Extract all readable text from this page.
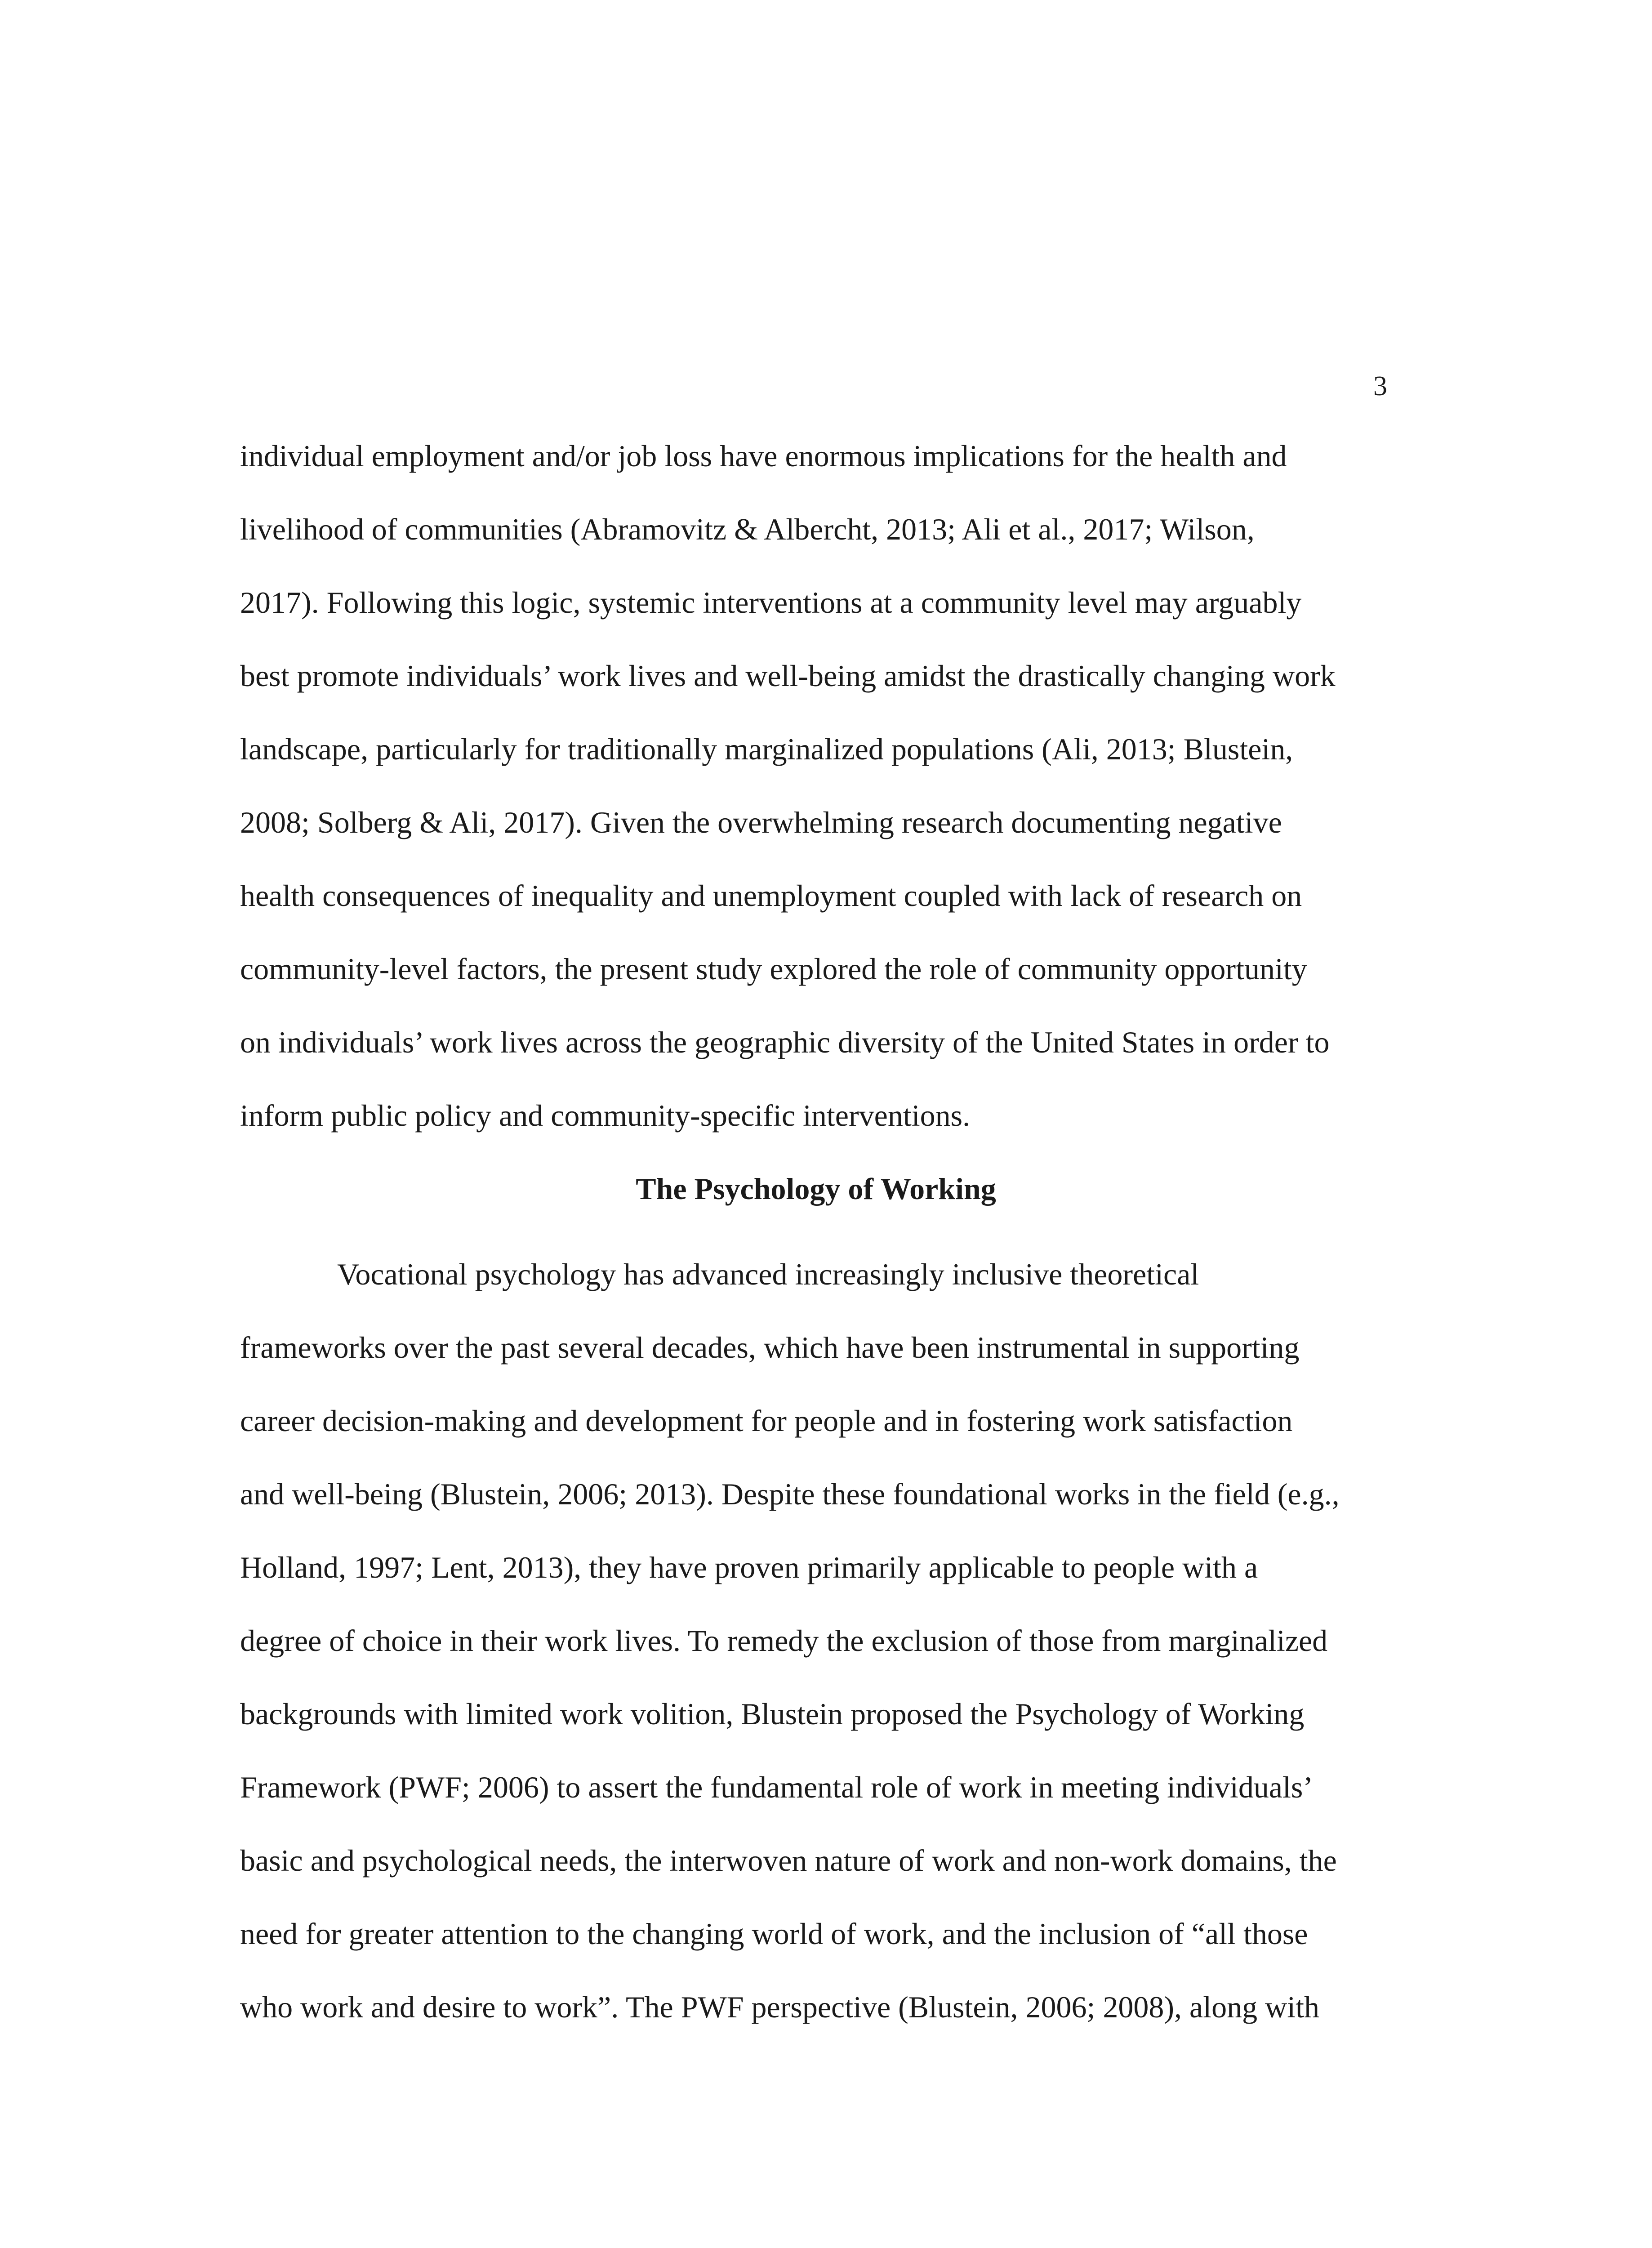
3
individual employment and/or job loss have enormous implications for the health and
livelihood of communities (Abramovitz & Albercht, 2013; Ali et al., 2017; Wilson,
2017). Following this logic, systemic interventions at a community level may arguably
best promote individuals’ work lives and well-being amidst the drastically changing work
landscape, particularly for traditionally marginalized populations (Ali, 2013; Blustein,
2008; Solberg & Ali, 2017). Given the overwhelming research documenting negative
health consequences of inequality and unemployment coupled with lack of research on
community-level factors, the present study explored the role of community opportunity
on individuals’ work lives across the geographic diversity of the United States in order to
inform public policy and community-specific interventions.
The Psychology of Working
Vocational psychology has advanced increasingly inclusive theoretical
frameworks over the past several decades, which have been instrumental in supporting
career decision-making and development for people and in fostering work satisfaction
and well-being (Blustein, 2006; 2013). Despite these foundational works in the field (e.g.,
Holland, 1997; Lent, 2013), they have proven primarily applicable to people with a
degree of choice in their work lives. To remedy the exclusion of those from marginalized
backgrounds with limited work volition, Blustein proposed the Psychology of Working
Framework (PWF; 2006) to assert the fundamental role of work in meeting individuals’
basic and psychological needs, the interwoven nature of work and non-work domains, the
need for greater attention to the changing world of work, and the inclusion of “all those
who work and desire to work”. The PWF perspective (Blustein, 2006; 2008), along with
